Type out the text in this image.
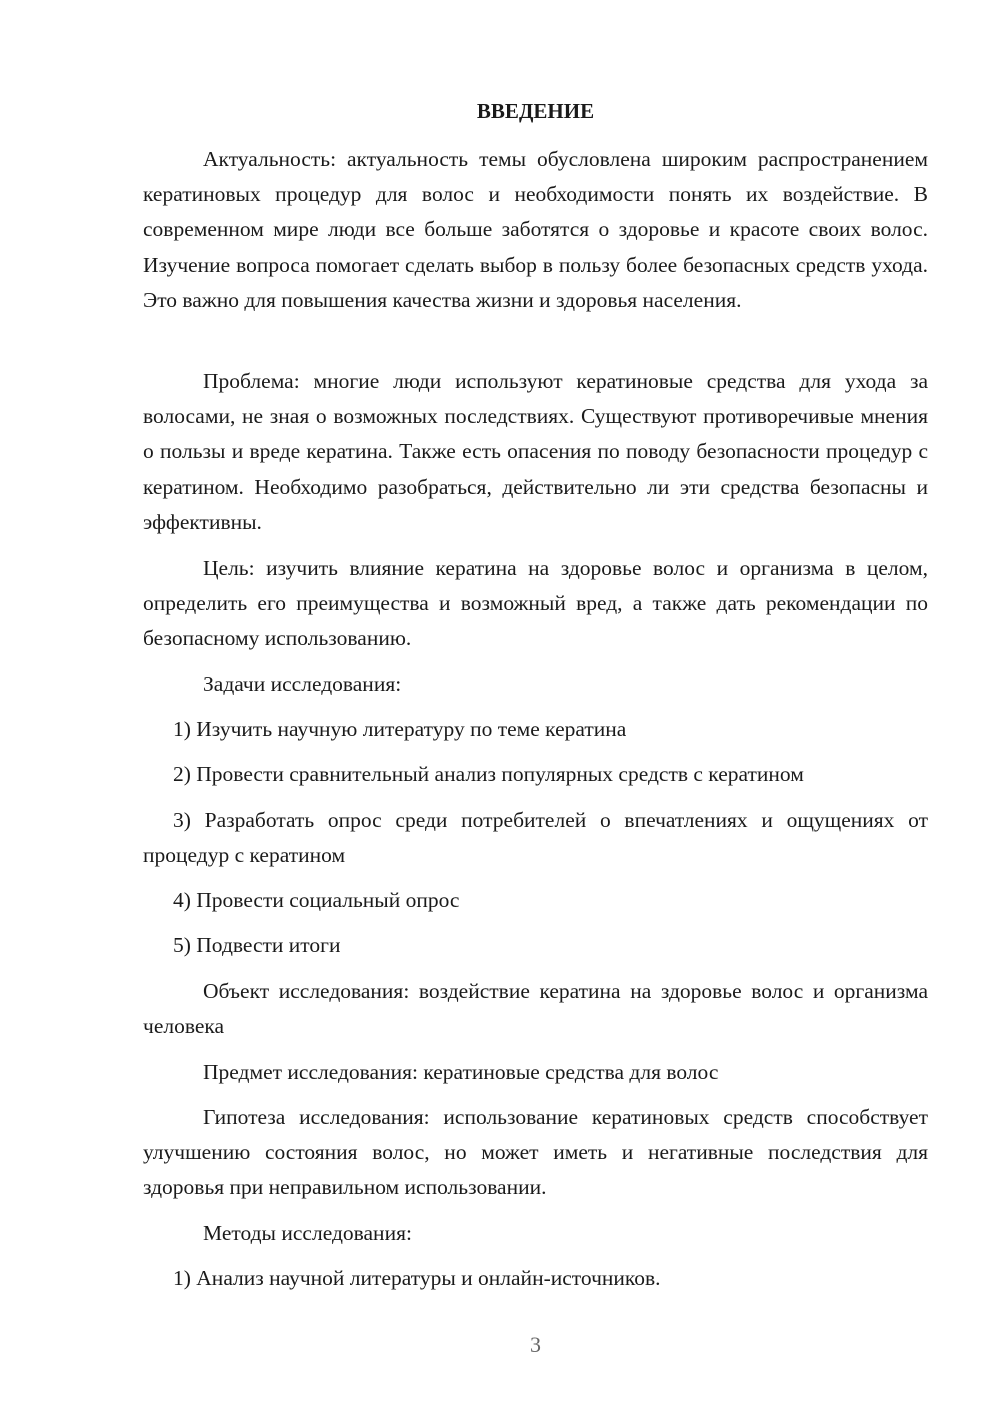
ВВЕДЕНИЕ

Актуальность: актуальность темы обусловлена широким распространением кератиновых процедур для волос и необходимости понять их воздействие. В современном мире люди все больше заботятся о здоровье и красоте своих волос. Изучение вопроса помогает сделать выбор в пользу более безопасных средств ухода. Это важно для повышения качества жизни и здоровья населения.

Проблема: многие люди используют кератиновые средства для ухода за волосами, не зная о возможных последствиях. Существуют противоречивые мнения о пользы и вреде кератина. Также есть опасения по поводу безопасности процедур с кератином. Необходимо разобраться, действительно ли эти средства безопасны и эффективны.

Цель: изучить влияние кератина на здоровье волос и организма в целом, определить его преимущества и возможный вред, а также дать рекомендации по безопасному использованию.

Задачи исследования:

1) Изучить научную литературу по теме кератина

2) Провести сравнительный анализ популярных средств с кератином

3) Разработать опрос среди потребителей о впечатлениях и ощущениях от процедур с кератином

4) Провести социальный опрос

5) Подвести итоги

Объект исследования: воздействие кератина на здоровье волос и организма человека

Предмет исследования: кератиновые средства для волос

Гипотеза исследования: использование кератиновых средств способствует улучшению состояния волос, но может иметь и негативные последствия для здоровья при неправильном использовании.

Методы исследования:

1) Анализ научной литературы и онлайн-источников.

3
